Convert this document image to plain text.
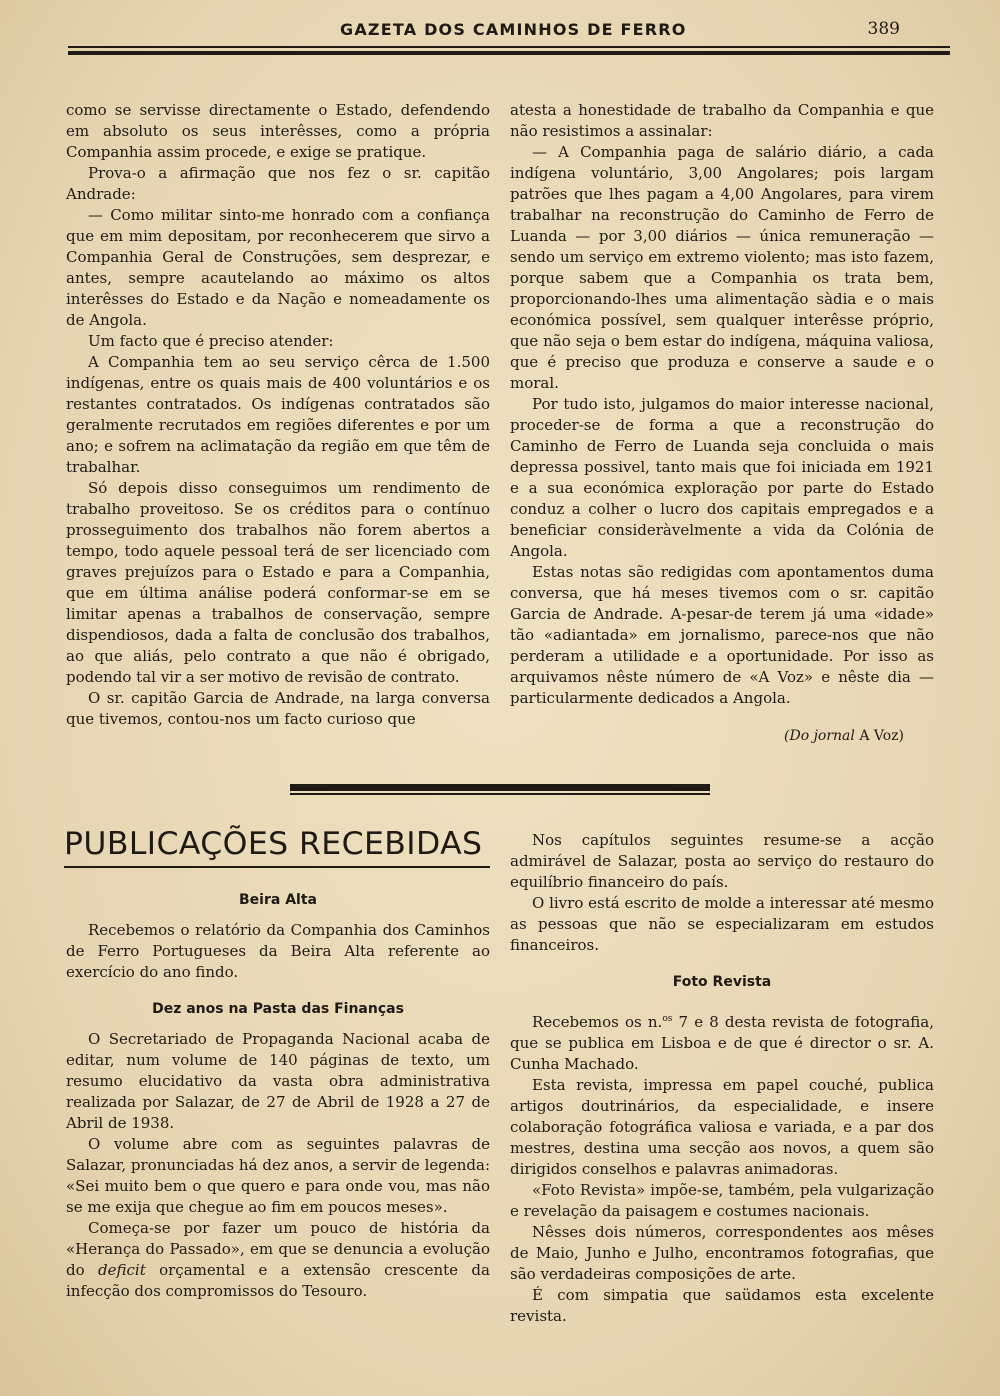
GAZETA DOS CAMINHOS DE FERRO	389

como se servisse directamente o Estado, defendendo em absoluto os seus interêsses, como a própria Companhia assim procede, e exige se pratique.

Prova-o a afirmação que nos fez o sr. capitão Andrade:

— Como militar sinto-me honrado com a confiança que em mim depositam, por reconhecerem que sirvo a Companhia Geral de Construções, sem desprezar, e antes, sempre acautelando ao máximo os altos interêsses do Estado e da Nação e nomeadamente os de Angola.

Um facto que é preciso atender:

A Companhia tem ao seu serviço cêrca de 1.500 indígenas, entre os quais mais de 400 voluntários e os restantes contratados. Os indígenas contratados são geralmente recrutados em regiões diferentes e por um ano; e sofrem na aclimatação da região em que têm de trabalhar.

Só depois disso conseguimos um rendimento de trabalho proveitoso. Se os créditos para o contínuo prosseguimento dos trabalhos não forem abertos a tempo, todo aquele pessoal terá de ser licenciado com graves prejuízos para o Estado e para a Companhia, que em última análise poderá conformar-se em se limitar apenas a trabalhos de conservação, sempre dispendiosos, dada a falta de conclusão dos trabalhos, ao que aliás, pelo contrato a que não é obrigado, podendo tal vir a ser motivo de revisão de contrato.

O sr. capitão Garcia de Andrade, na larga conversa que tivemos, contou-nos um facto curioso que

atesta a honestidade de trabalho da Companhia e que não resistimos a assinalar:

— A Companhia paga de salário diário, a cada indígena voluntário, 3,00 Angolares; pois largam patrões que lhes pagam a 4,00 Angolares, para virem trabalhar na reconstrução do Caminho de Ferro de Luanda — por 3,00 diários — única remuneração — sendo um serviço em extremo violento; mas isto fazem, porque sabem que a Companhia os trata bem, proporcionando-lhes uma alimentação sàdia e o mais económica possível, sem qualquer interêsse próprio, que não seja o bem estar do indígena, máquina valiosa, que é preciso que produza e conserve a saude e o moral.

Por tudo isto, julgamos do maior interesse nacional, proceder-se de forma a que a reconstrução do Caminho de Ferro de Luanda seja concluida o mais depressa possivel, tanto mais que foi iniciada em 1921 e a sua económica exploração por parte do Estado conduz a colher o lucro dos capitais empregados e a beneficiar consideràvelmente a vida da Colónia de Angola.

Estas notas são redigidas com apontamentos duma conversa, que há meses tivemos com o sr. capitão Garcia de Andrade. A-pesar-de terem já uma «idade» tão «adiantada» em jornalismo, parece-nos que não perderam a utilidade e a oportunidade. Por isso as arquivamos nêste número de «A Voz» e nêste dia — particularmente dedicados a Angola.

(Do jornal A Voz)
PUBLICAÇÕES RECEBIDAS
Beira Alta

Recebemos o relatório da Companhia dos Caminhos de Ferro Portugueses da Beira Alta referente ao exercício do ano findo.

Dez anos na Pasta das Finanças

O Secretariado de Propaganda Nacional acaba de editar, num volume de 140 páginas de texto, um resumo elucidativo da vasta obra administrativa realizada por Salazar, de 27 de Abril de 1928 a 27 de Abril de 1938.

O volume abre com as seguintes palavras de Salazar, pronunciadas há dez anos, a servir de legenda: «Sei muito bem o que quero e para onde vou, mas não se me exija que chegue ao fim em poucos meses».

Começa-se por fazer um pouco de história da «Herança do Passado», em que se denuncia a evolução do deficit orçamental e a extensão crescente da infecção dos compromissos do Tesouro.

Nos capítulos seguintes resume-se a acção admirável de Salazar, posta ao serviço do restauro do equilíbrio financeiro do país.

O livro está escrito de molde a interessar até mesmo as pessoas que não se especializaram em estudos financeiros.

Foto Revista

Recebemos os n.$^{os}$ 7 e 8 desta revista de fotografia, que se publica em Lisboa e de que é director o sr. A. Cunha Machado.

Esta revista, impressa em papel couché, publica artigos doutrinários, da especialidade, e insere colaboração fotográfica valiosa e variada, e a par dos mestres, destina uma secção aos novos, a quem são dirigidos conselhos e palavras animadoras.

«Foto Revista» impõe-se, também, pela vulgarização e revelação da paisagem e costumes nacionais.

Nêsses dois números, correspondentes aos mêses de Maio, Junho e Julho, encontramos fotografias, que são verdadeiras composições de arte.

É com simpatia que saüdamos esta excelente revista.
